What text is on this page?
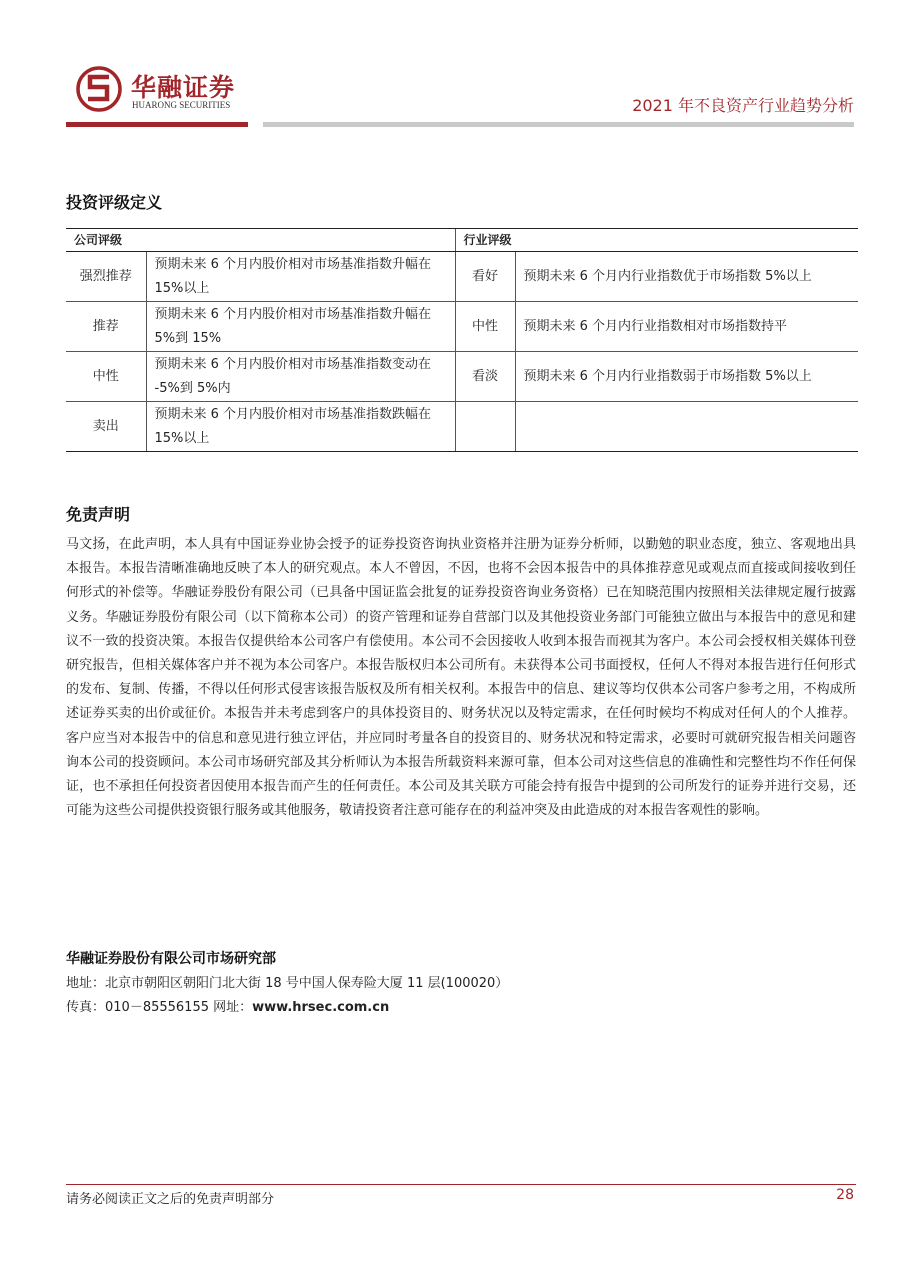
华融证券
HUARONG SECURITIES	2021 年不良资产行业趋势分析
投资评级定义
公司评级		行业评级	
强烈推荐	预期未来 6 个月内股价相对市场基准指数升幅在 15%以上	看好	预期未来 6 个月内行业指数优于市场指数 5%以上
推荐	预期未来 6 个月内股价相对市场基准指数升幅在 5%到 15%	中性	预期未来 6 个月内行业指数相对市场指数持平
中性	预期未来 6 个月内股价相对市场基准指数变动在 -5%到 5%内	看淡	预期未来 6 个月内行业指数弱于市场指数 5%以上
卖出	预期未来 6 个月内股价相对市场基准指数跌幅在 15%以上		
免责声明

马文扬，在此声明，本人具有中国证券业协会授予的证券投资咨询执业资格并注册为证券分析师，以勤勉的职业态度，独立、客观地出具本报告。本报告清晰准确地反映了本人的研究观点。本人不曾因，不因，也将不会因本报告中的具体推荐意见或观点而直接或间接收到任何形式的补偿等。华融证券股份有限公司（已具备中国证监会批复的证券投资咨询业务资格）已在知晓范围内按照相关法律规定履行披露义务。华融证券股份有限公司（以下简称本公司）的资产管理和证券自营部门以及其他投资业务部门可能独立做出与本报告中的意见和建议不一致的投资决策。本报告仅提供给本公司客户有偿使用。本公司不会因接收人收到本报告而视其为客户。本公司会授权相关媒体刊登研究报告，但相关媒体客户并不视为本公司客户。本报告版权归本公司所有。未获得本公司书面授权，任何人不得对本报告进行任何形式的发布、复制、传播，不得以任何形式侵害该报告版权及所有相关权利。本报告中的信息、建议等均仅供本公司客户参考之用，不构成所述证券买卖的出价或征价。本报告并未考虑到客户的具体投资目的、财务状况以及特定需求，在任何时候均不构成对任何人的个人推荐。客户应当对本报告中的信息和意见进行独立评估，并应同时考量各自的投资目的、财务状况和特定需求，必要时可就研究报告相关问题咨询本公司的投资顾问。本公司市场研究部及其分析师认为本报告所载资料来源可靠，但本公司对这些信息的准确性和完整性均不作任何保证，也不承担任何投资者因使用本报告而产生的任何责任。本公司及其关联方可能会持有报告中提到的公司所发行的证券并进行交易，还可能为这些公司提供投资银行服务或其他服务，敬请投资者注意可能存在的利益冲突及由此造成的对本报告客观性的影响。

华融证券股份有限公司市场研究部
地址：北京市朝阳区朝阳门北大街 18 号中国人保寿险大厦 11 层(100020）
传真：010－85556155 网址：www.hrsec.com.cn
请务必阅读正文之后的免责声明部分	28
